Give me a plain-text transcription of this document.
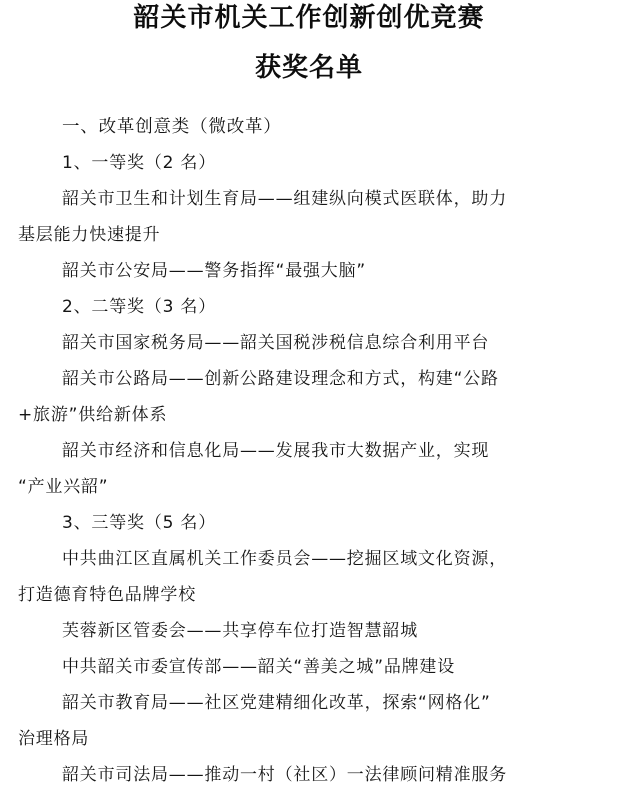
韶关市机关工作创新创优竞赛
获奖名单
一、改革创意类（微改革）
1、一等奖（2 名）
韶关市卫生和计划生育局——组建纵向模式医联体，助力
基层能力快速提升
韶关市公安局——警务指挥“最强大脑”
2、二等奖（3 名）
韶关市国家税务局——韶关国税涉税信息综合利用平台
韶关市公路局——创新公路建设理念和方式，构建“公路
+旅游”供给新体系
韶关市经济和信息化局——发展我市大数据产业，实现
“产业兴韶”
3、三等奖（5 名）
中共曲江区直属机关工作委员会——挖掘区域文化资源，
打造德育特色品牌学校
芙蓉新区管委会——共享停车位打造智慧韶城
中共韶关市委宣传部——韶关“善美之城”品牌建设
韶关市教育局——社区党建精细化改革，探索“网格化”
治理格局
韶关市司法局——推动一村（社区）一法律顾问精准服务
